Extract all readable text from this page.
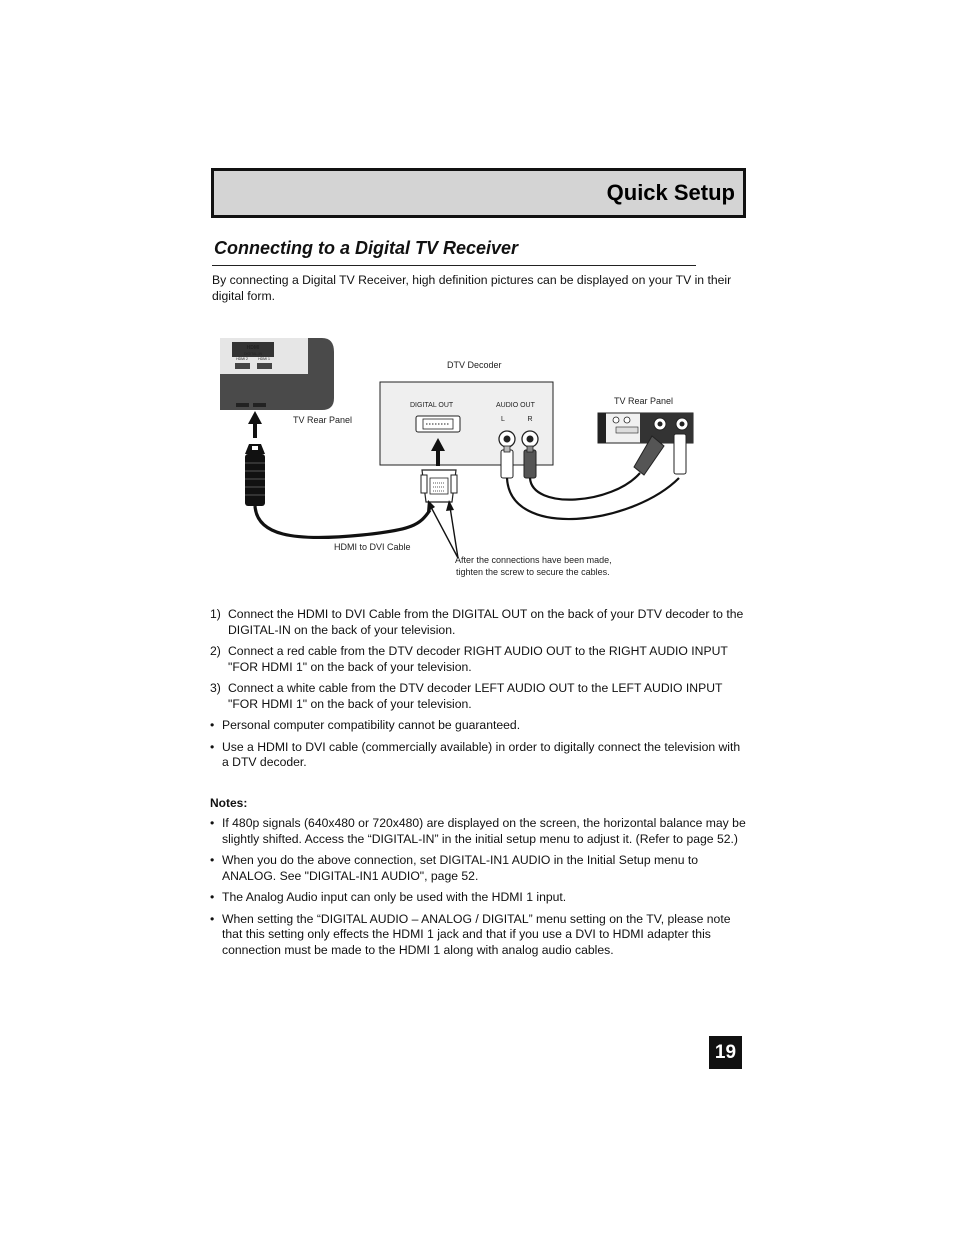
Quick Setup
Connecting to a Digital TV Receiver
By connecting a Digital TV Receiver, high definition pictures can be displayed on your TV in their digital form.
HDMI
DIGITAL-IN
HDMI 2	HDMI 1
TV Rear Panel
DIGITAL OUT	AUDIO OUT
L	R
DTV Decoder
TV Rear Panel
HDMI to DVI Cable
After the connections have been made,
tighten the screw to secure the cables.
1) Connect the HDMI to DVI Cable from the DIGITAL OUT on the back of your DTV decoder to the DIGITAL-IN on the back of your television.
2) Connect a red cable from the DTV decoder RIGHT AUDIO OUT to the RIGHT AUDIO INPUT "FOR HDMI 1" on the back of your television.
3) Connect a white cable from the DTV decoder LEFT AUDIO OUT to the LEFT AUDIO INPUT "FOR HDMI 1" on the back of your television.
• Personal computer compatibility cannot be guaranteed.
• Use a HDMI to DVI cable (commercially available) in order to digitally connect the television with a DTV decoder.
Notes:
• If 480p signals (640x480 or 720x480) are displayed on the screen, the horizontal balance may be slightly shifted. Access the “DIGITAL-IN” in the initial setup menu to adjust it. (Refer to page 52.)
• When you do the above connection, set DIGITAL-IN1 AUDIO in the Initial Setup menu to ANALOG. See "DIGITAL-IN1 AUDIO", page 52.
• The Analog Audio input can only be used with the HDMI 1 input.
• When setting the “DIGITAL AUDIO – ANALOG / DIGITAL” menu setting on the TV, please note that this setting only effects the HDMI 1 jack and that if you use a DVI to HDMI adapter this connection must be made to the HDMI 1 along with analog audio cables.
19
